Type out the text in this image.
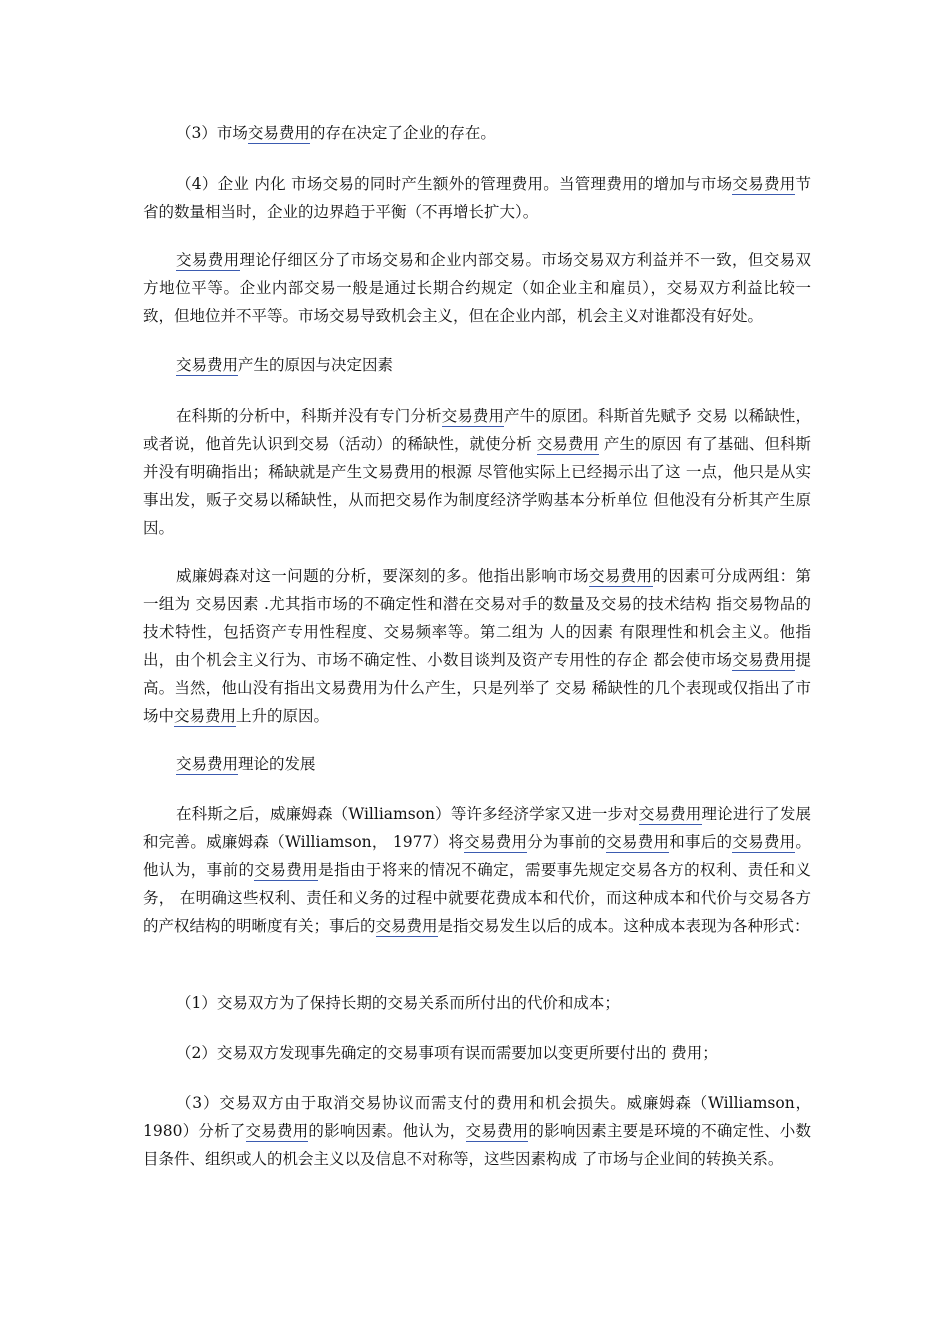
（3）市场交易费用的存在决定了企业的存在。

（4）企业 内化 市场交易的同时产生额外的管理费用。当管理费用的增加与市场交易费用节省的数量相当时，企业的边界趋于平衡（不再增长扩大）。

交易费用理论仔细区分了市场交易和企业内部交易。市场交易双方利益并不一致，但交易双方地位平等。企业内部交易一般是通过长期合约规定（如企业主和雇员），交易双方利益比较一致，但地位并不平等。市场交易导致机会主义，但在企业内部，机会主义对谁都没有好处。

交易费用产生的原因与决定因素

在科斯的分析中，科斯并没有专门分析交易费用产牛的原团。科斯首先赋予 交易 以稀缺性，或者说，他首先认识到交易（活动）的稀缺性，就使分析 交易费用 产生的原因 有了基础、但科斯并没有明确指出；稀缺就是产生文易费用的根源 尽管他实际上已经揭示出了这 一点，他只是从实事出发，贩子交易以稀缺性，从而把交易作为制度经济学购基本分析单位 但他没有分析其产生原因。

威廉姆森对这一问题的分析，要深刻的多。他指出影响市场交易费用的因素可分成两组：第一组为 交易因素 .尤其指市场的不确定性和潜在交易对手的数量及交易的技术结构 指交易物品的技术特性，包括资产专用性程度、交易频率等。第二组为 人的因素 有限理性和机会主义。他指出，由个机会主义行为、市场不确定性、小数目谈判及资产专用性的存企 都会使市场交易费用提高。当然，他山没有指出文易费用为什么产生，只是列举了 交易 稀缺性的几个表现或仅指出了市场中交易费用上升的原因。

交易费用理论的发展

在科斯之后，威廉姆森（Williamson）等许多经济学家又进一步对交易费用理论进行了发展和完善。威廉姆森（Williamson， 1977）将交易费用分为事前的交易费用和事后的交易费用。他认为，事前的交易费用是指由于将来的情况不确定，需要事先规定交易各方的权利、责任和义务， 在明确这些权利、责任和义务的过程中就要花费成本和代价，而这种成本和代价与交易各方的产权结构的明晰度有关；事后的交易费用是指交易发生以后的成本。这种成本表现为各种形式：

（1）交易双方为了保持长期的交易关系而所付出的代价和成本；

（2）交易双方发现事先确定的交易事项有误而需要加以变更所要付出的 费用；

（3）交易双方由于取消交易协议而需支付的费用和机会损失。威廉姆森（Williamson，1980）分析了交易费用的影响因素。他认为，交易费用的影响因素主要是环境的不确定性、小数目条件、组织或人的机会主义以及信息不对称等，这些因素构成 了市场与企业间的转换关系。
